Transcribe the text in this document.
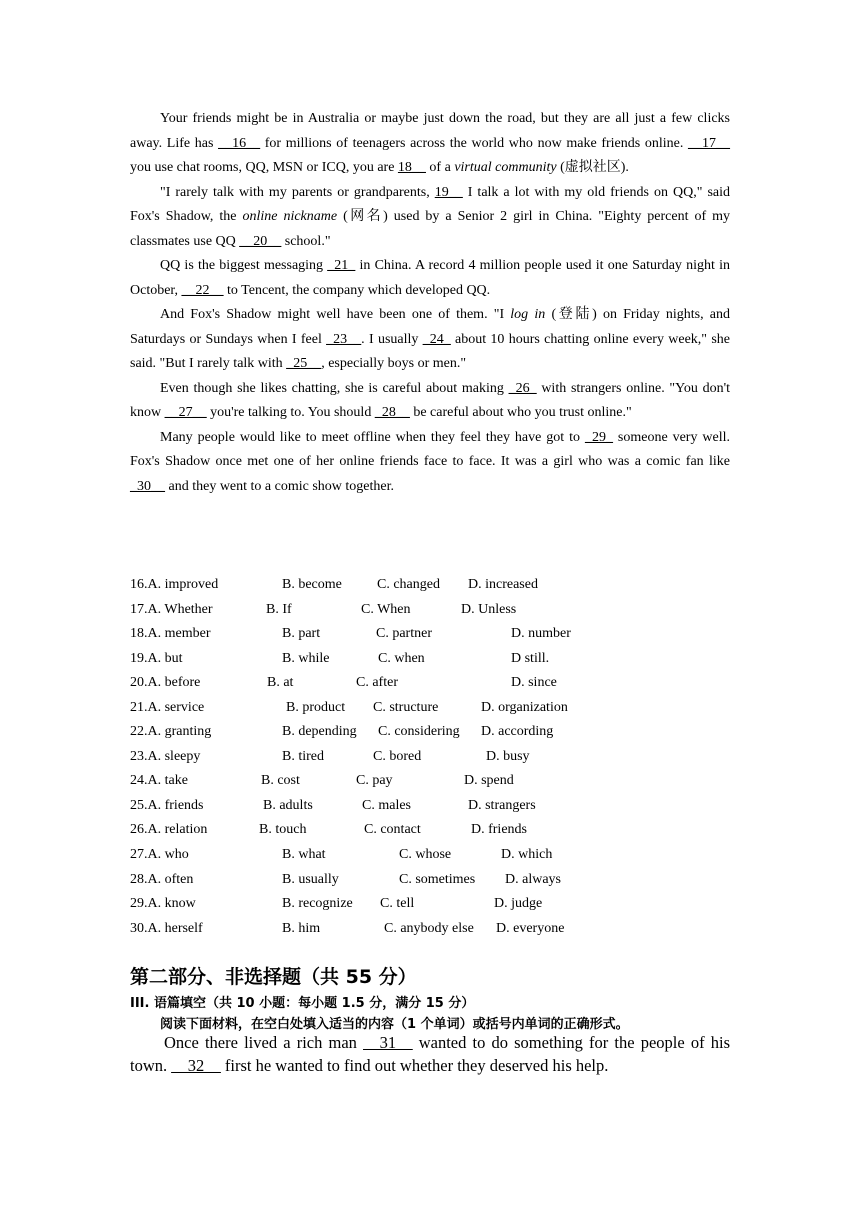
Your friends might be in Australia or maybe just down the road, but they are all just a few clicks away. Life has __16__ for millions of teenagers across the world who now make friends online. __17__ you use chat rooms, QQ, MSN or ICQ, you are 18__ of a virtual community (虚拟社区).

"I rarely talk with my parents or grandparents, 19__ I talk a lot with my old friends on QQ," said Fox's Shadow, the online nickname (网名) used by a Senior 2 girl in China. "Eighty percent of my classmates use QQ __20__ school."

QQ is the biggest messaging _21_ in China. A record 4 million people used it one Saturday night in October, __22__ to Tencent, the company which developed QQ.

And Fox's Shadow might well have been one of them. "I log in (登陆) on Friday nights, and Saturdays or Sundays when I feel _23__. I usually _24_ about 10 hours chatting online every week," she said. "But I rarely talk with _25__, especially boys or men."

Even though she likes chatting, she is careful about making _26_ with strangers online. "You don't know __27__ you're talking to. You should _28__ be careful about who you trust online."

Many people would like to meet offline when they feel they have got to _29_ someone very well. Fox's Shadow once met one of her online friends face to face. It was a girl who was a comic fan like _30__ and they went to a comic show together.

16.A. improved	B. become	C. changed D. increased
17.A. Whether	B. If	C. When	D. Unless
18.A. member	B. part	C. partner	D. number
19.A. but	B. while	C. when	D still.
20.A. before	B. at	C. after	D. since
21.A. service	B. product C. structure	D. organization
22.A. granting	B. depending C. considering D. according
23.A. sleepy	B. tired	C. bored	D. busy
24.A. take	B. cost	C. pay	D. spend
25.A. friends	B. adults	C. males	D. strangers
26.A. relation	B. touch	C. contact	D. friends
27.A. who	B. what	C. whose	D. which
28.A. often	B. usually	C. sometimes D. always
29.A. know	B. recognize C. tell	D. judge
30.A. herself	B. him	C. anybody else D. everyone
第二部分、非选择题（共 55 分）

III. 语篇填空（共 10 小题：每小题 1.5 分，满分 15 分）

阅读下面材料，在空白处填入适当的内容（1 个单词）或括号内单词的正确形式。

Once there lived a rich man __31__ wanted to do something for the people of his town. __32__ first he wanted to find out whether they deserved his help.
